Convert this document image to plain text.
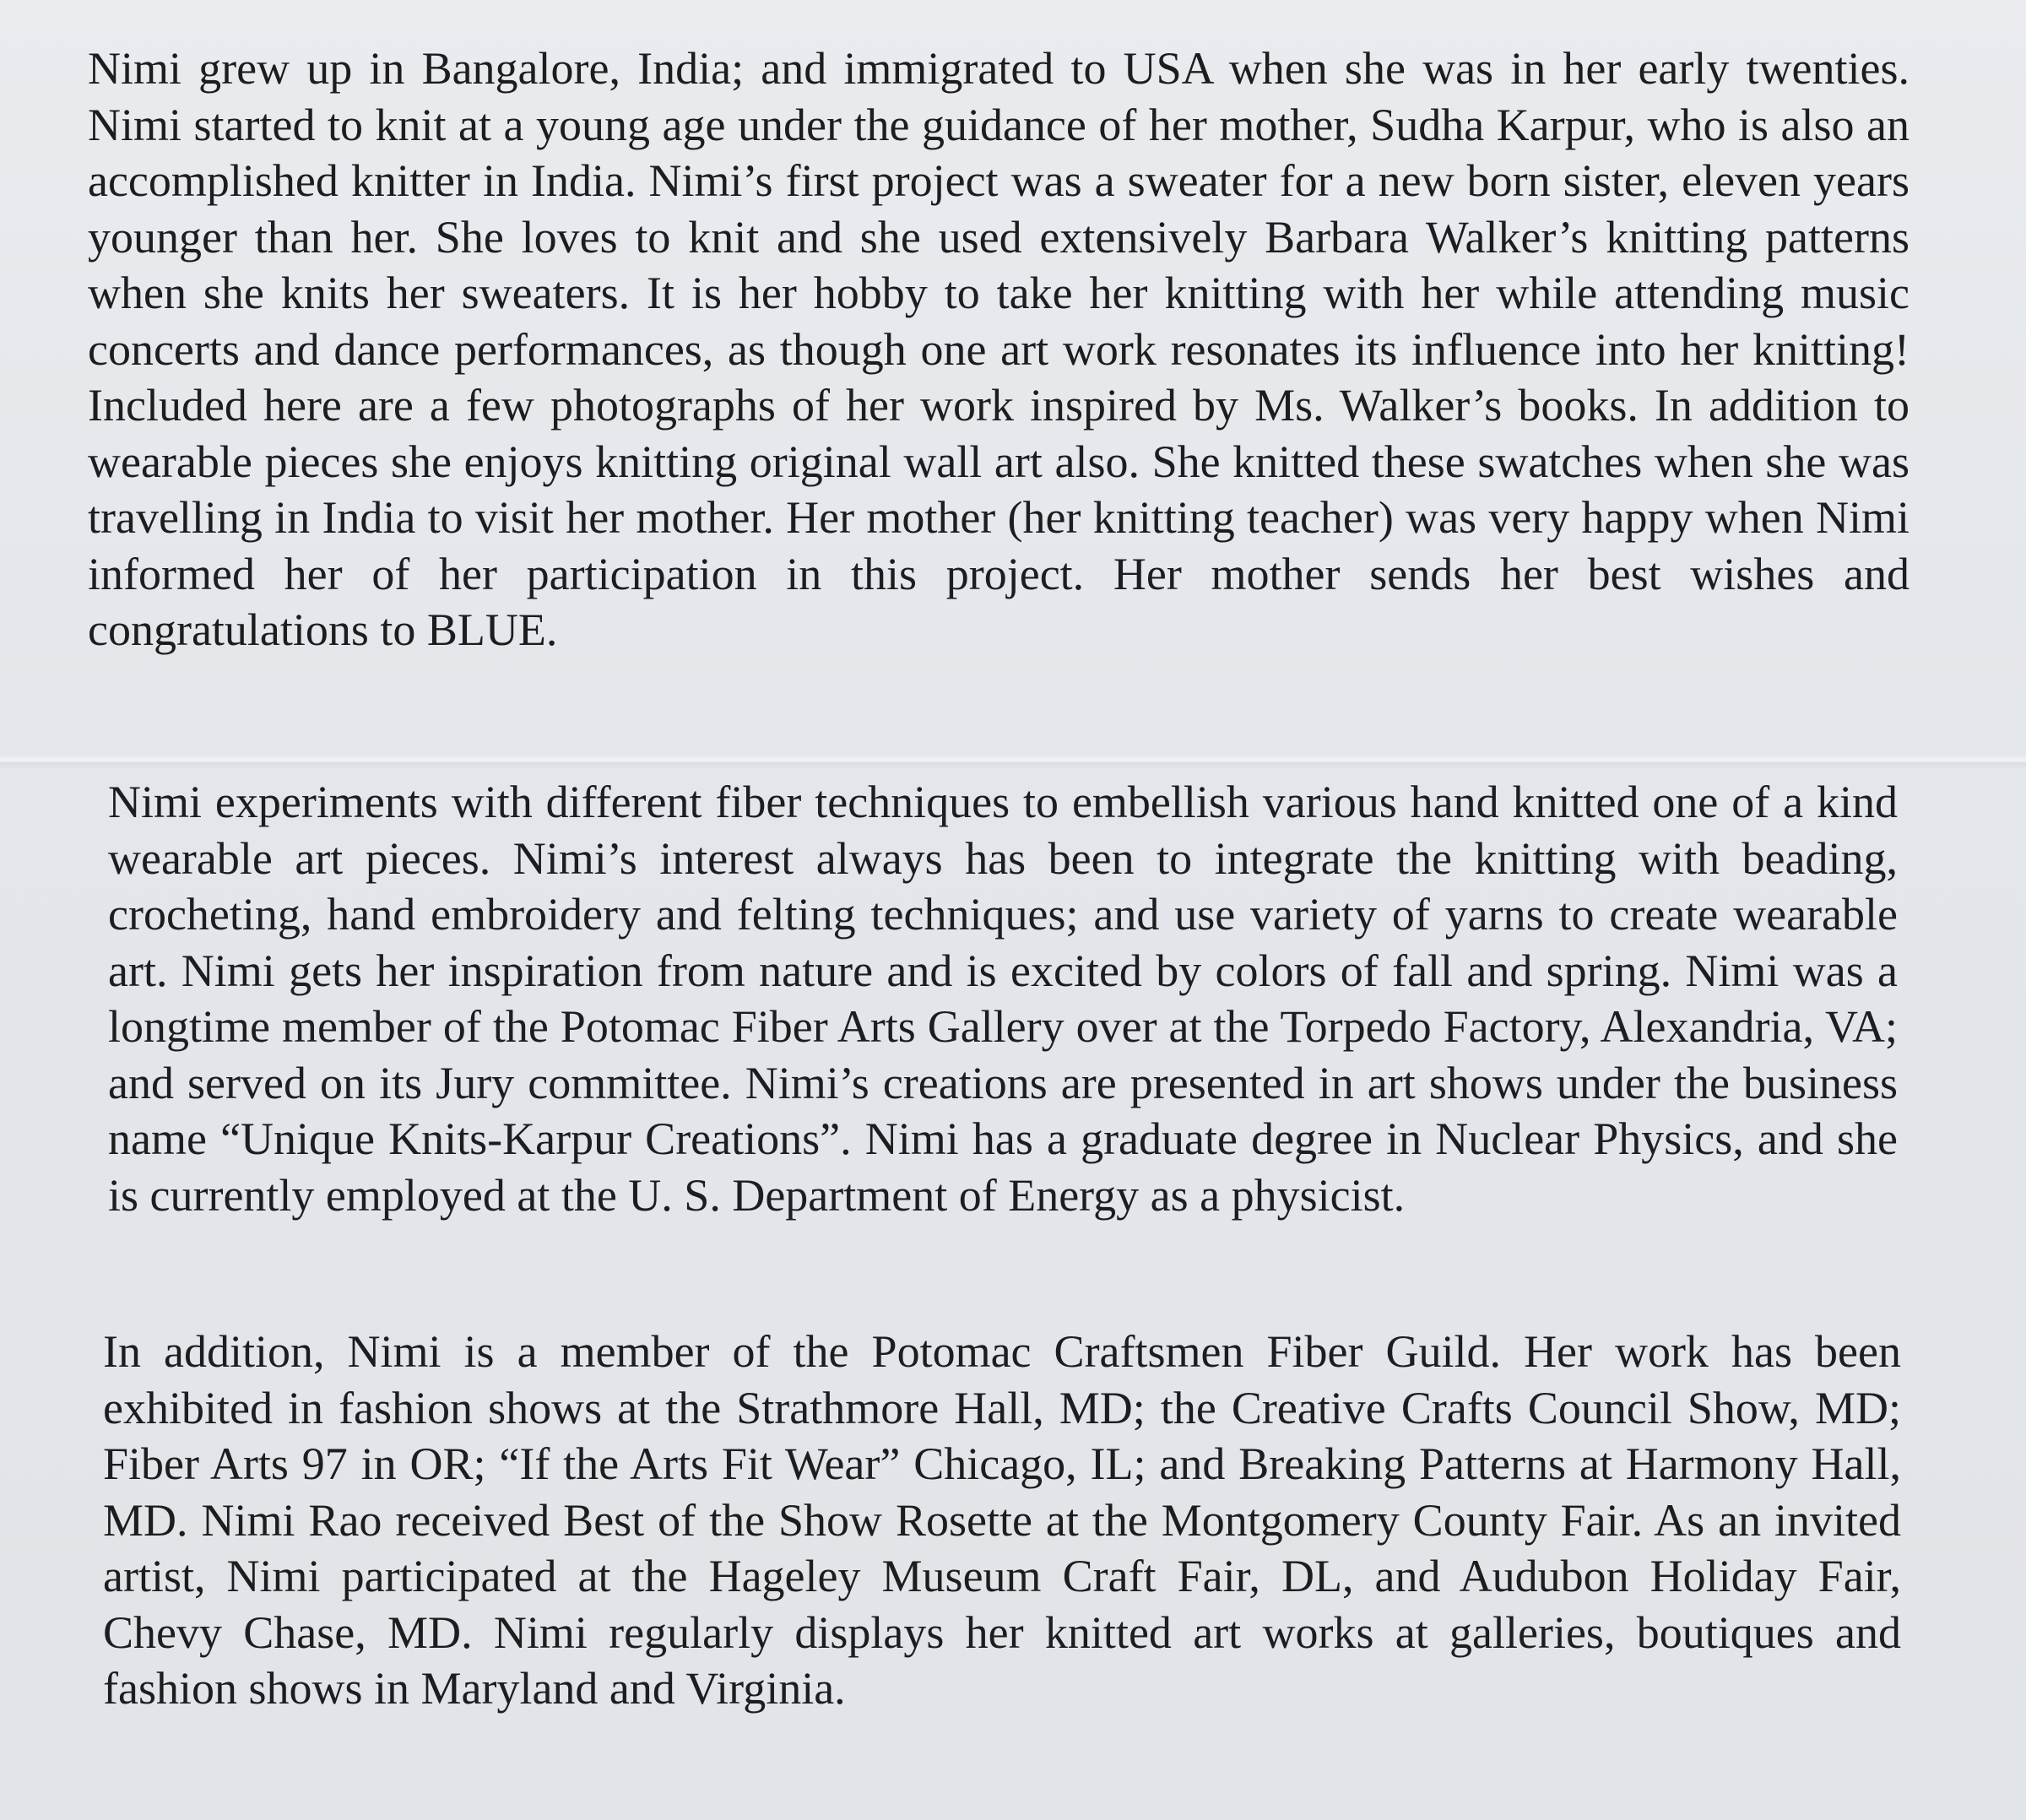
Nimi grew up in Bangalore, India; and immigrated to USA when she was in her early twenties. Nimi started to knit at a young age under the guidance of her mother, Sudha Karpur, who is also an accomplished knitter in India. Nimi’s first project was a sweater for a new born sister, eleven years younger than her. She loves to knit and she used extensively Barbara Walker’s knitting patterns when she knits her sweaters. It is her hobby to take her knitting with her while attending music concerts and dance performances, as though one art work resonates its influence into her knitting! Included here are a few photographs of her work inspired by Ms. Walker’s books. In addition to wearable pieces she enjoys knitting original wall art also. She knitted these swatches when she was travelling in India to visit her mother. Her mother (her knitting teacher) was very happy when Nimi informed her of her participation in this project. Her mother sends her best wishes and congratulations to BLUE.

Nimi experiments with different fiber techniques to embellish various hand knitted one of a kind wearable art pieces. Nimi’s interest always has been to integrate the knitting with beading, crocheting, hand embroidery and felting techniques; and use variety of yarns to create wearable art. Nimi gets her inspiration from nature and is excited by colors of fall and spring. Nimi was a longtime member of the Potomac Fiber Arts Gallery over at the Torpedo Factory, Alexandria, VA; and served on its Jury committee. Nimi’s creations are presented in art shows under the business name “Unique Knits-Karpur Creations”. Nimi has a graduate degree in Nuclear Physics, and she is currently employed at the U. S. Department of Energy as a physicist.

In addition, Nimi is a member of the Potomac Craftsmen Fiber Guild. Her work has been exhibited in fashion shows at the Strathmore Hall, MD; the Creative Crafts Council Show, MD; Fiber Arts 97 in OR; “If the Arts Fit Wear” Chicago, IL; and Breaking Patterns at Harmony Hall, MD. Nimi Rao received Best of the Show Rosette at the Montgomery County Fair. As an invited artist, Nimi participated at the Hageley Museum Craft Fair, DL, and Audubon Holiday Fair, Chevy Chase, MD. Nimi regularly displays her knitted art works at galleries, boutiques and fashion shows in Maryland and Virginia.
